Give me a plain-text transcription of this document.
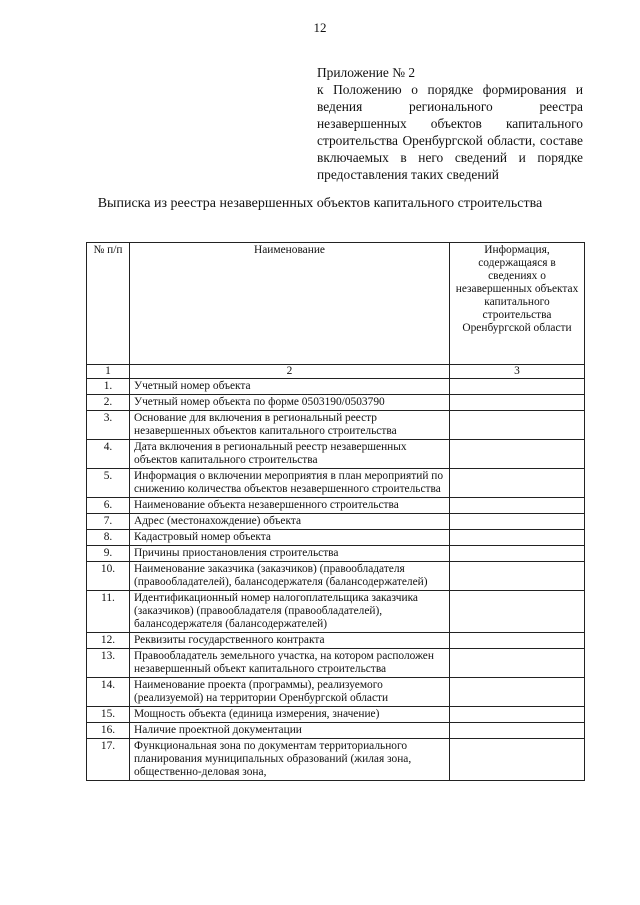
12
Приложение № 2
к Положению о порядке формирования и ведения регионального реестра незавершенных объектов капитального строительства Оренбургской области, составе включаемых в него сведений и порядке предоставления таких сведений
Выписка из реестра незавершенных объектов капитального строительства
№ п/п	Наименование	Информация, содержащаяся в сведениях о незавершенных объектах капитального строительства Оренбургской области
1	2	3
1.	Учетный номер объекта	
2.	Учетный номер объекта по форме 0503190/0503790	
3.	Основание для включения в региональный реестр незавершенных объектов капитального строительства	
4.	Дата включения в региональный реестр незавершенных объектов капитального строительства	
5.	Информация о включении мероприятия в план мероприятий по снижению количества объектов незавершенного строительства	
6.	Наименование объекта незавершенного строительства	
7.	Адрес (местонахождение) объекта	
8.	Кадастровый номер объекта	
9.	Причины приостановления строительства	
10.	Наименование заказчика (заказчиков) (правообладателя (правообладателей), балансодержателя (балансодержателей)	
11.	Идентификационный номер налогоплательщика заказчика (заказчиков) (правообладателя (правообладателей), балансодержателя (балансодержателей)	
12.	Реквизиты государственного контракта	
13.	Правообладатель земельного участка, на котором расположен незавершенный объект капитального строительства	
14.	Наименование проекта (программы), реализуемого (реализуемой) на территории Оренбургской области	
15.	Мощность объекта (единица измерения, значение)	
16.	Наличие проектной документации	
17.	Функциональная зона по документам территориального планирования муниципальных образований (жилая зона, общественно-деловая зона,	
